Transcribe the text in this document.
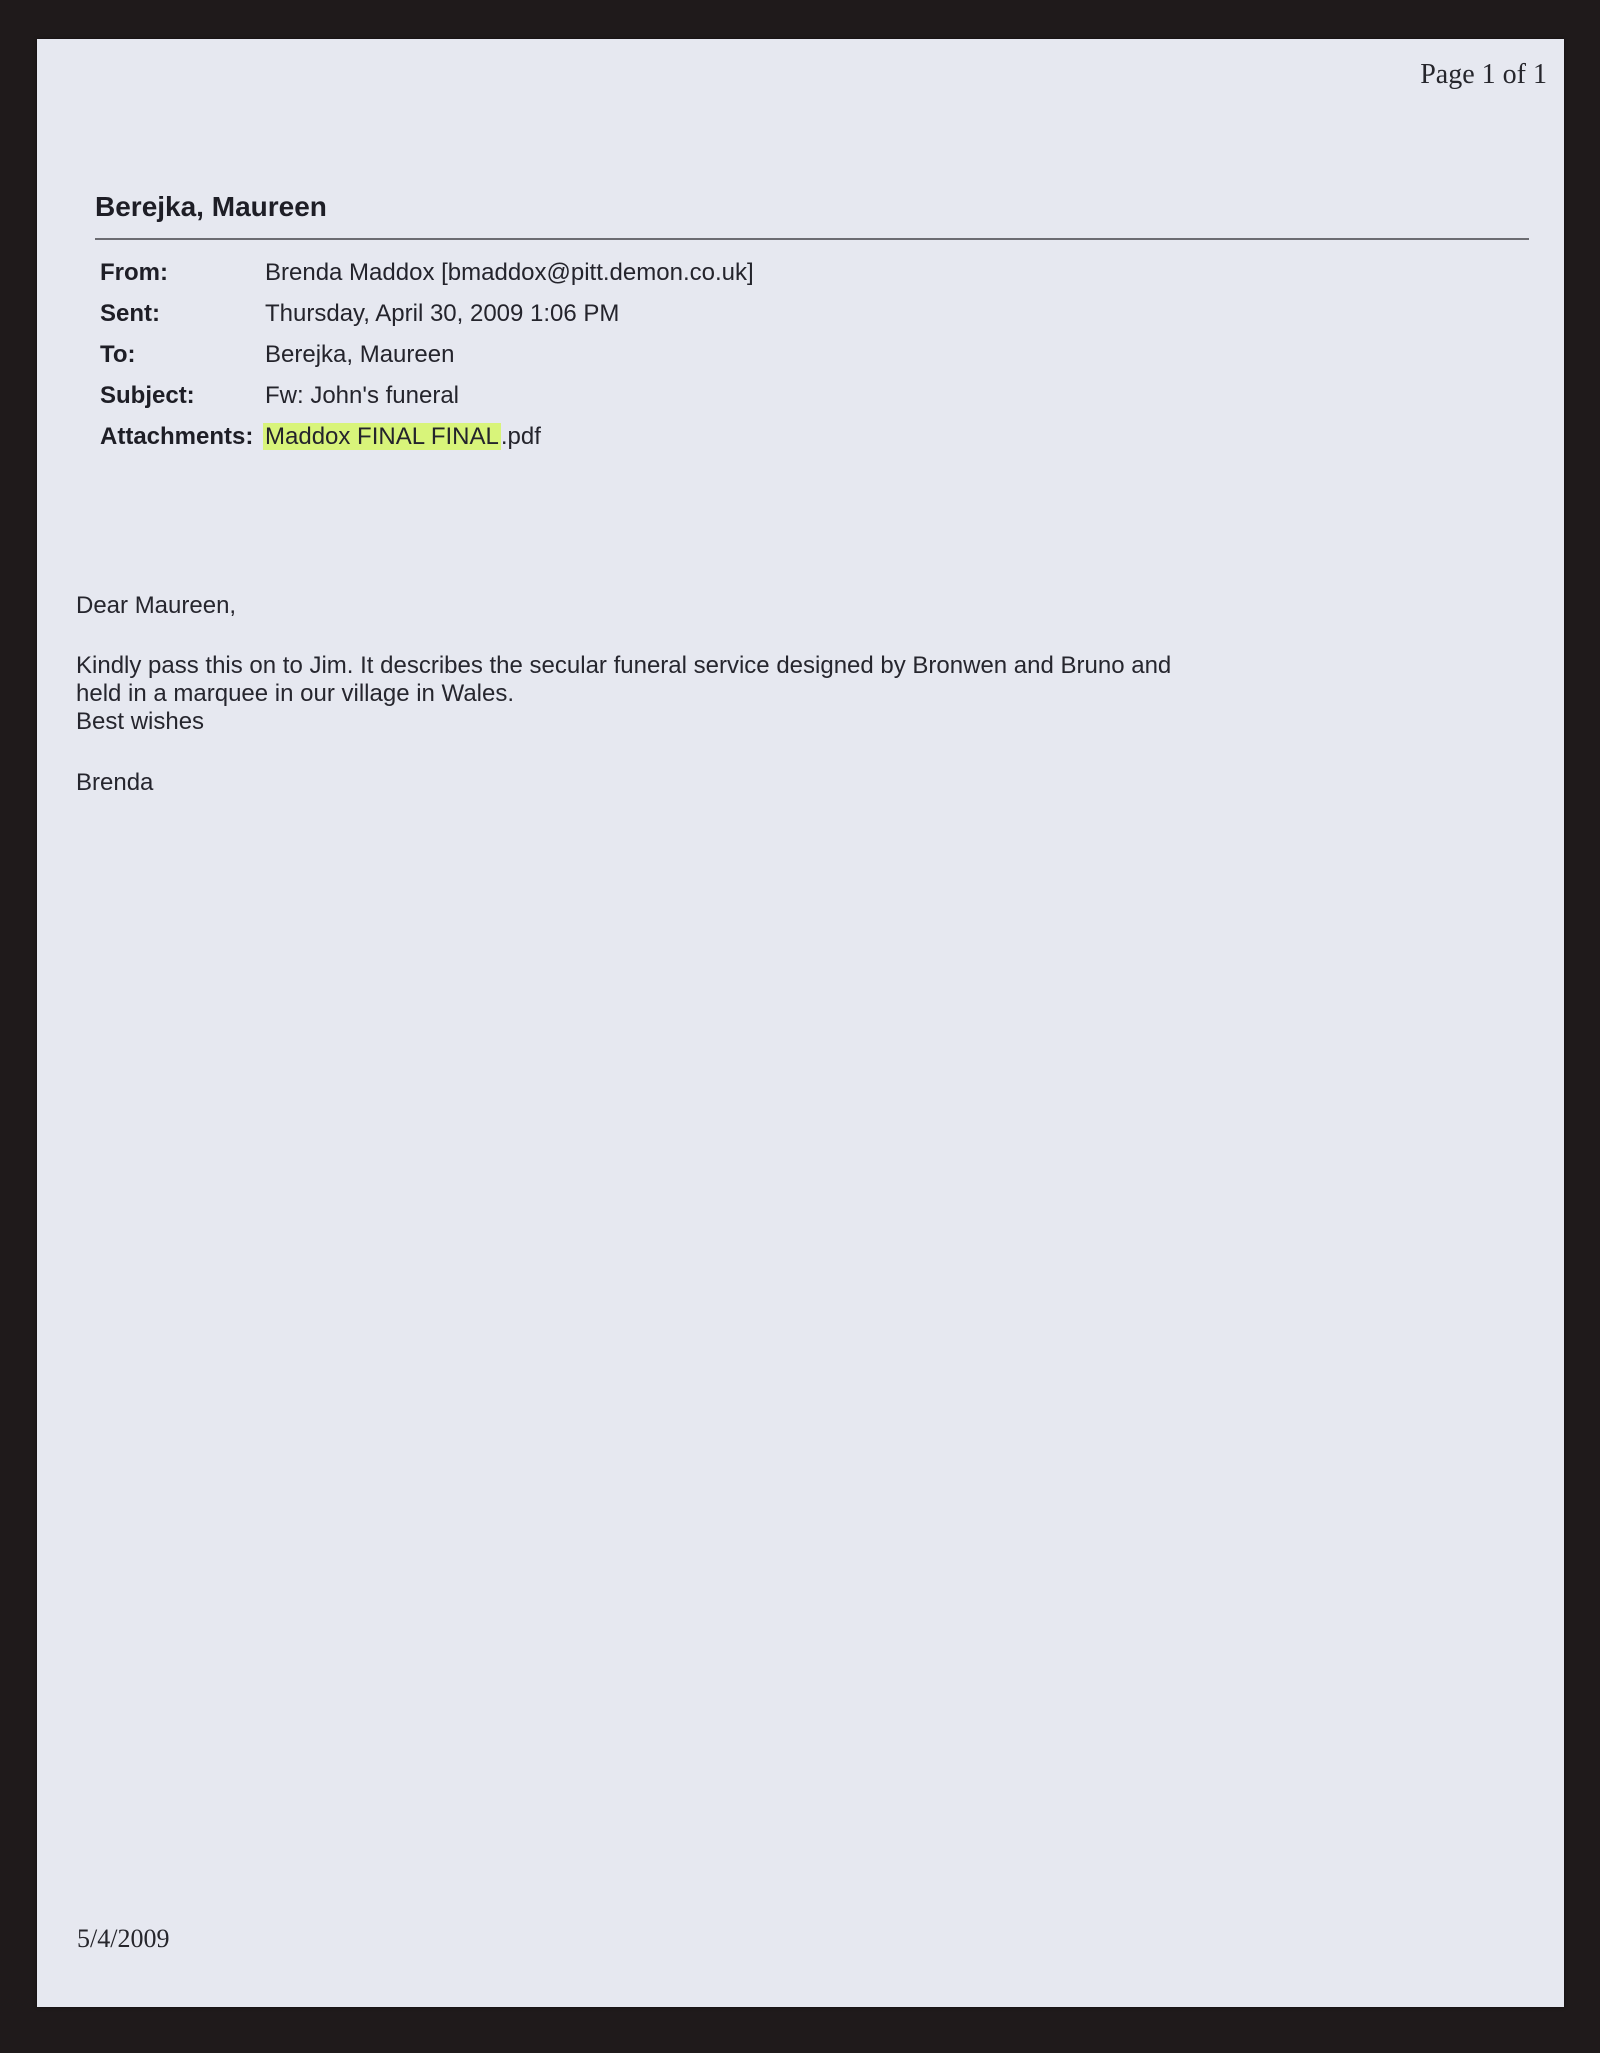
Page 1 of 1
Berejka, Maureen
From:	Brenda Maddox [bmaddox@pitt.demon.co.uk]
Sent:	Thursday, April 30, 2009 1:06 PM
To:	Berejka, Maureen
Subject:	Fw: John's funeral
Attachments: Maddox FINAL FINAL.pdf

Dear Maureen,

Kindly pass this on to Jim. It describes the secular funeral service designed by Bronwen and Bruno and

held in a marquee in our village in Wales.

Best wishes

Brenda

5/4/2009
